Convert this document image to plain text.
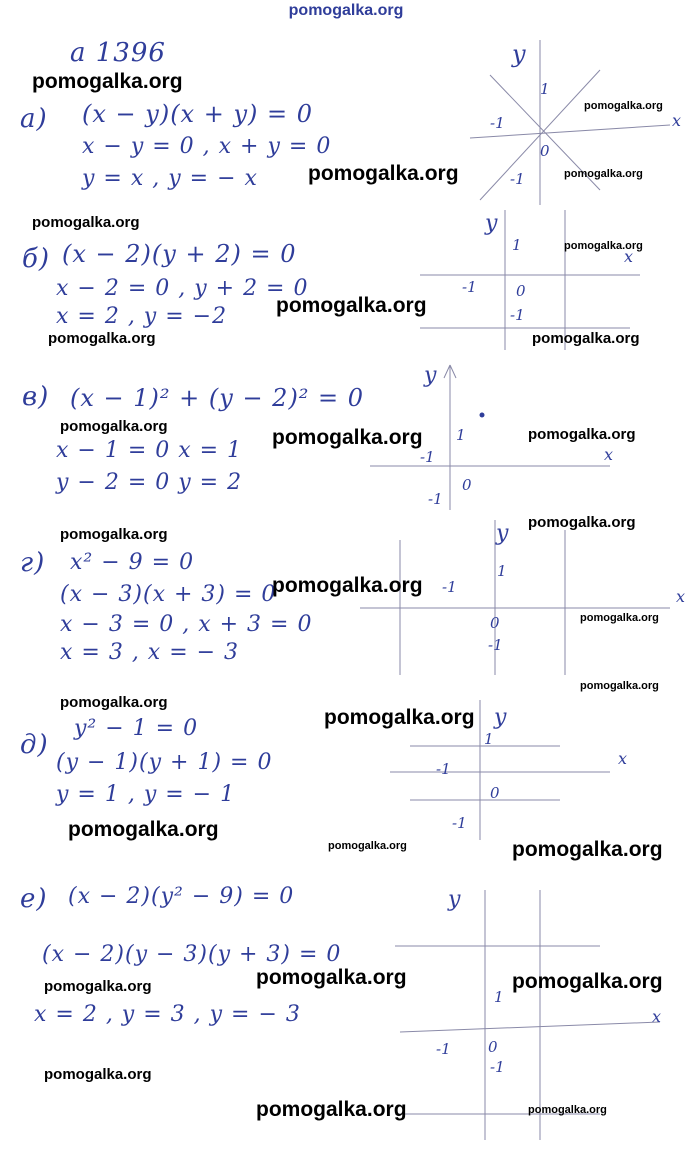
pomogalka.org
a 1396
а) (x − y)(x + y) = 0
x − y = 0 , x + y = 0
y = x , y = − x
б) (x − 2)(y + 2) = 0
x − 2 = 0 , y + 2 = 0
x = 2 , y = −2
в) (x − 1)² + (y − 2)² = 0
x − 1 = 0 x = 1
y − 2 = 0 y = 2
г) x² − 9 = 0
(x − 3)(x + 3) = 0
x − 3 = 0 , x + 3 = 0
x = 3 , x = − 3
д)
y² − 1 = 0
(y − 1)(y + 1) = 0
y = 1 , y = − 1
е) (x − 2)(y² − 9) = 0
(x − 2)(y − 3)(y + 3) = 0
x = 2 , y = 3 , y = − 3
y
1
-1
0
-1
x
y
1
-1	0
-1
x
y
1
-1
0
-1
x
y
1
-1
0
-1
x
y
1
-1
0
-1
x
y
1
-1 0
-1
x
pomogalka.org
pomogalka.org
pomogalka.org	pomogalka.org
pomogalka.org
pomogalka.org
pomogalka.org
pomogalka.org	pomogalka.org
pomogalka.org	pomogalka.org	pomogalka.org
pomogalka.org
pomogalka.org
pomogalka.org
pomogalka.org
pomogalka.org
pomogalka.org
pomogalka.org
pomogalka.org
pomogalka.org	pomogalka.org
pomogalka.org	pomogalka.org
pomogalka.org
pomogalka.org
pomogalka.org	pomogalka.org
